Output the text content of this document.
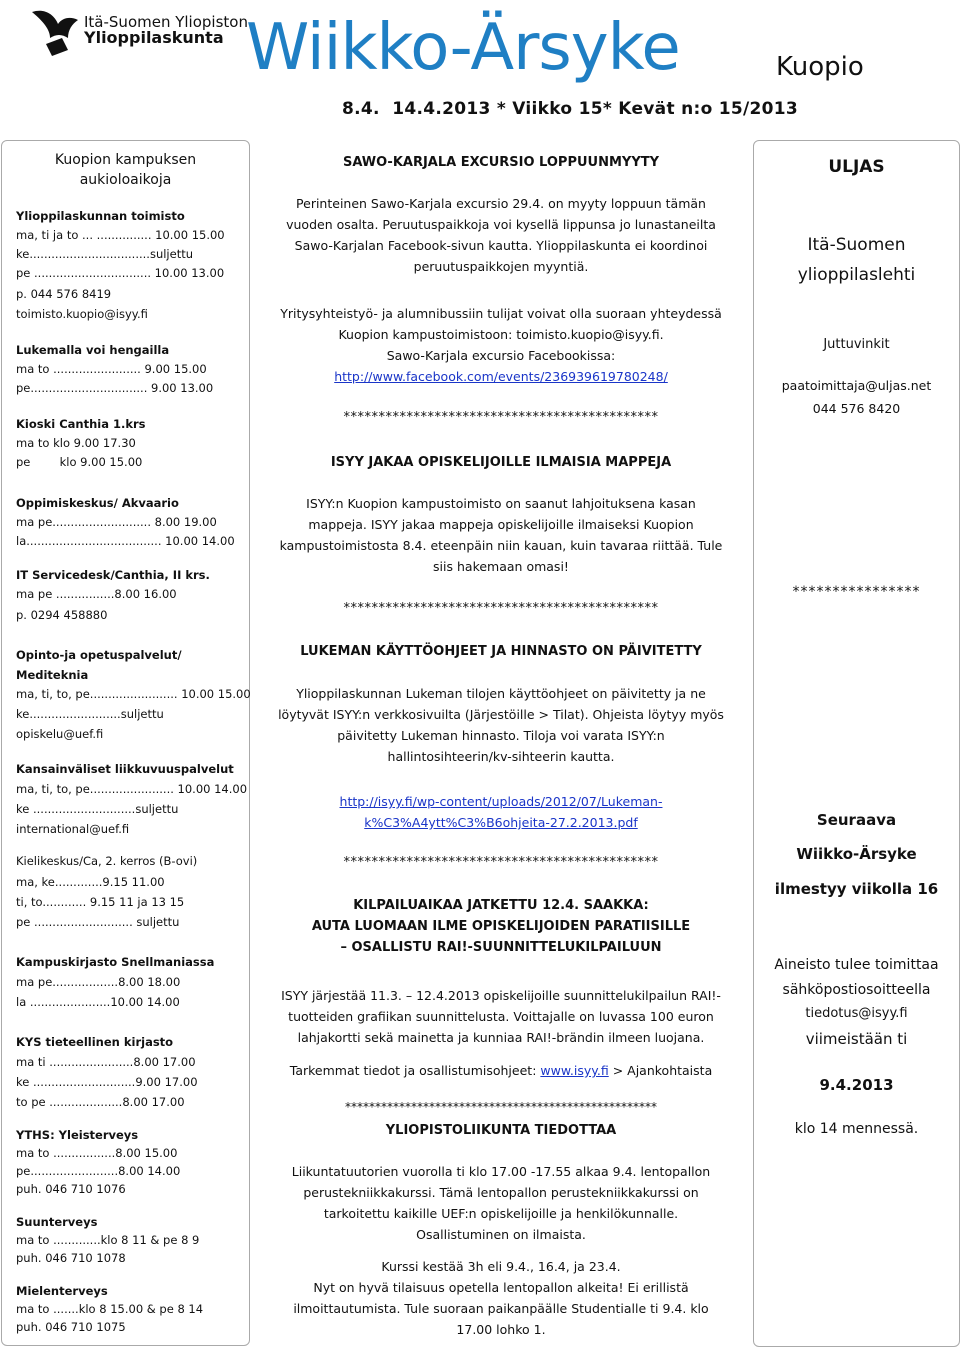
Itä-Suomen Yliopiston
Ylioppilaskunta Wiikko-Ärsyke	Kuopio
8.4.  14.4.2013 * Viikko 15* Kevät n:o 15/2013
Kuopion kampuksen
aukioloaikoja
Ylioppilaskunnan toimisto
ma, ti ja to ... ............... 10.00 15.00
ke.................................suljettu
pe ................................ 10.00 13.00
p. 044 576 8419
toimisto.kuopio@isyy.fi
Lukemalla voi hengailla
ma to ........................ 9.00 15.00
pe................................ 9.00 13.00
Kioski Canthia 1.krs
ma to klo 9.00 17.30
pe        klo 9.00 15.00
Oppimiskeskus/ Akvaario
ma pe........................... 8.00 19.00
la..................................... 10.00 14.00
IT Servicedesk/Canthia, II krs.
ma pe ................8.00 16.00
p. 0294 458880
Opinto-ja opetuspalvelut/
Mediteknia
ma, ti, to, pe........................ 10.00 15.00
ke.........................suljettu
opiskelu@uef.fi
Kansainväliset liikkuvuuspalvelut
ma, ti, to, pe....................... 10.00 14.00
ke ............................suljettu
international@uef.fi
Kielikeskus/Ca, 2. kerros (B-ovi)
ma, ke.............9.15 11.00
ti, to............ 9.15 11 ja 13 15
pe ........................... suljettu
Kampuskirjasto Snellmaniassa
ma pe..................8.00 18.00
la ......................10.00 14.00
KYS tieteellinen kirjasto
ma ti .......................8.00 17.00
ke ............................9.00 17.00
to pe ....................8.00 17.00
YTHS: Yleisterveys
ma to .................8.00 15.00
pe........................8.00 14.00
puh. 046 710 1076
Suunterveys
ma to .............klo 8 11 & pe 8 9
puh. 046 710 1078
Mielenterveys
ma to .......klo 8 15.00 & pe 8 14
puh. 046 710 1075
SAWO-KARJALA EXCURSIO LOPPUUNMYYTY
Perinteinen Sawo-Karjala excursio 29.4. on myyty loppuun tämän
vuoden osalta. Peruutuspaikkoja voi kysellä lippunsa jo lunastaneilta
Sawo-Karjalan Facebook-sivun kautta. Ylioppilaskunta ei koordinoi
peruutuspaikkojen myyntiä.
Yritysyhteistyö- ja alumnibussiin tulijat voivat olla suoraan yhteydessä
Kuopion kampustoimistoon: toimisto.kuopio@isyy.fi.
Sawo-Karjala excursio Facebookissa:
http://www.facebook.com/events/236939619780248/
*********************************************
ISYY JAKAA OPISKELIJOILLE ILMAISIA MAPPEJA
ISYY:n Kuopion kampustoimisto on saanut lahjoituksena kasan
mappeja. ISYY jakaa mappeja opiskelijoille ilmaiseksi Kuopion
kampustoimistosta 8.4. eteenpäin niin kauan, kuin tavaraa riittää. Tule
siis hakemaan omasi!
*********************************************
LUKEMAN KÄYTTÖOHJEET JA HINNASTO ON PÄIVITETTY
Ylioppilaskunnan Lukeman tilojen käyttöohjeet on päivitetty ja ne
löytyvät ISYY:n verkkosivuilta (Järjestöille > Tilat). Ohjeista löytyy myös
päivitetty Lukeman hinnasto. Tiloja voi varata ISYY:n
hallintosihteerin/kv-sihteerin kautta.
http://isyy.fi/wp-content/uploads/2012/07/Lukeman-
k%C3%A4ytt%C3%B6ohjeita-27.2.2013.pdf
*********************************************
KILPAILUAIKAA JATKETTU 12.4. SAAKKA:
AUTA LUOMAAN ILME OPISKELIJOIDEN PARATIISILLE
– OSALLISTU RAI!-SUUNNITTELUKILPAILUUN
ISYY järjestää 11.3. – 12.4.2013 opiskelijoille suunnittelukilpailun RAI!-
tuotteiden grafiikan suunnittelusta. Voittajalle on luvassa 100 euron
lahjakortti sekä mainetta ja kunniaa RAI!-brändin ilmeen luojana.
Tarkemmat tiedot ja osallistumisohjeet: www.isyy.fi > Ajankohtaista
****************************************************
YLIOPISTOLIIKUNTA TIEDOTTAA
Liikuntatuutorien vuorolla ti klo 17.00 -17.55 alkaa 9.4. lentopallon
perustekniikkakurssi. Tämä lentopallon perustekniikkakurssi on
tarkoitettu kaikille UEF:n opiskelijoille ja henkilökunnalle.
Osallistuminen on ilmaista.
Kurssi kestää 3h eli 9.4., 16.4, ja 23.4.
Nyt on hyvä tilaisuus opetella lentopallon alkeita! Ei erillistä
ilmoittautumista. Tule suoraan paikanpäälle Studentialle ti 9.4. klo
17.00 lohko 1.
ULJAS
Itä-Suomen
ylioppilaslehti
Juttuvinkit
paatoimittaja@uljas.net
044 576 8420
****************
Seuraava
Wiikko-Ärsyke
ilmestyy viikolla 16
Aineisto tulee toimittaa
sähköpostiosoitteella
tiedotus@isyy.fi
viimeistään ti
9.4.2013
klo 14 mennessä.
